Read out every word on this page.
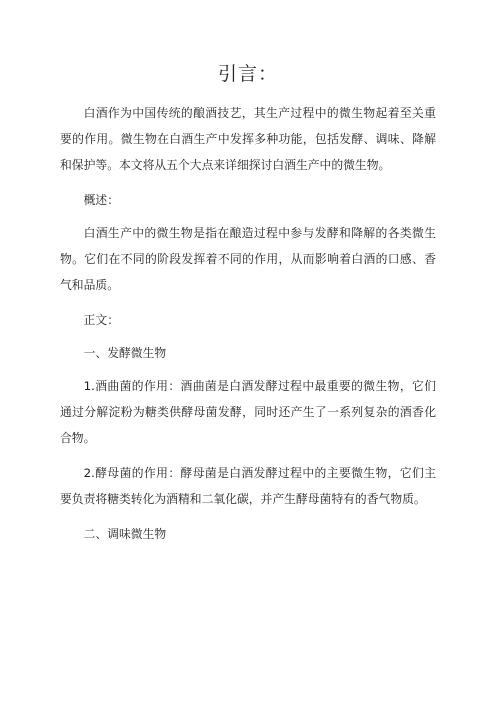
引言：

白酒作为中国传统的酿酒技艺，其生产过程中的微生物起着至关重要的作用。微生物在白酒生产中发挥多种功能，包括发酵、调味、降解和保护等。本文将从五个大点来详细探讨白酒生产中的微生物。

概述：

白酒生产中的微生物是指在酿造过程中参与发酵和降解的各类微生物。它们在不同的阶段发挥着不同的作用，从而影响着白酒的口感、香气和品质。

正文：

一、发酵微生物

1.酒曲菌的作用：酒曲菌是白酒发酵过程中最重要的微生物，它们通过分解淀粉为糖类供酵母菌发酵，同时还产生了一系列复杂的酒香化合物。

2.酵母菌的作用：酵母菌是白酒发酵过程中的主要微生物，它们主要负责将糖类转化为酒精和二氧化碳，并产生酵母菌特有的香气物质。

二、调味微生物
